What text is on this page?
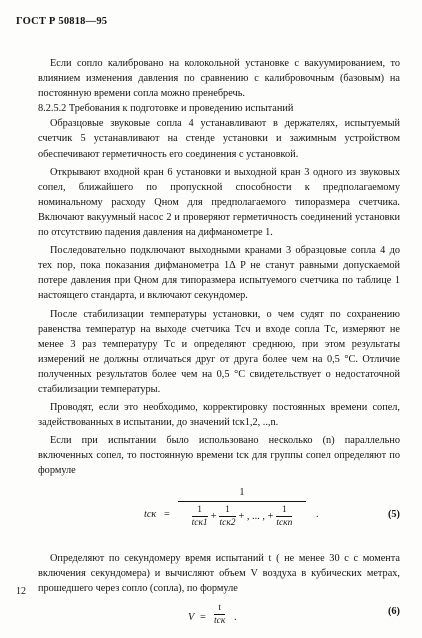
ГОСТ Р 50818—95

Если сопло калибровано на колокольной установке с вакуумированием, то влиянием изменения давления по сравнению с калибровочным (базовым) на постоянную времени сопла можно пренебречь.

8.2.5.2 Требования к подготовке и проведению испытаний

Образцовые звуковые сопла 4 устанавливают в держателях, испытуемый счетчик 5 устанавливают на стенде установки и зажимным устройством обеспечивают герметичность его соединения с установкой.

Открывают входной кран 6 установки и выходной кран 3 одного из звуковых сопел, ближайшего по пропускной способности к предполагаемому номинальному расходу Qном для предполагаемого типоразмера счетчика. Включают вакуумный насос 2 и проверяют герметичность соединений установки по отсутствию падения давления на дифманометре 1.

Последовательно подключают выходными кранами 3 образцовые сопла 4 до тех пор, пока показания дифманометра 1Δ P не станут равными допускаемой потере давления при Qном для типоразмера испытуемого счетчика по таблице 1 настоящего стандарта, и включают секундомер.

После стабилизации температуры установки, о чем судят по сохранению равенства температур на выходе счетчика Tсч и входе сопла Tс, измеряют не менее 3 раз температуру Tс и определяют среднюю, при этом результаты измерений не должны отличаться друг от друга более чем на 0,5 °C. Отличие полученных результатов более чем на 0,5 °C свидетельствует о недостаточной стабилизации температуры.

Проводят, если это необходимо, корректировку постоянных времени сопел, задействованных в испытании, до значений tск1,2, ..,n.

Если при испытании было использовано несколько (n) параллельно включенных сопел, то постоянную времени tск для группы сопел определяют по формуле

tск =
1
1
tск1
+
1
tск2
+ , ... , +
1
tскn
.	(5)

Определяют по секундомеру время испытаний t ( не менее 30 с с момента включения секундомера) и вычисляют объем V воздуха в кубических метрах, прошедшего через сопло (сопла), по формуле

V =
t
tск .
(6)
12
